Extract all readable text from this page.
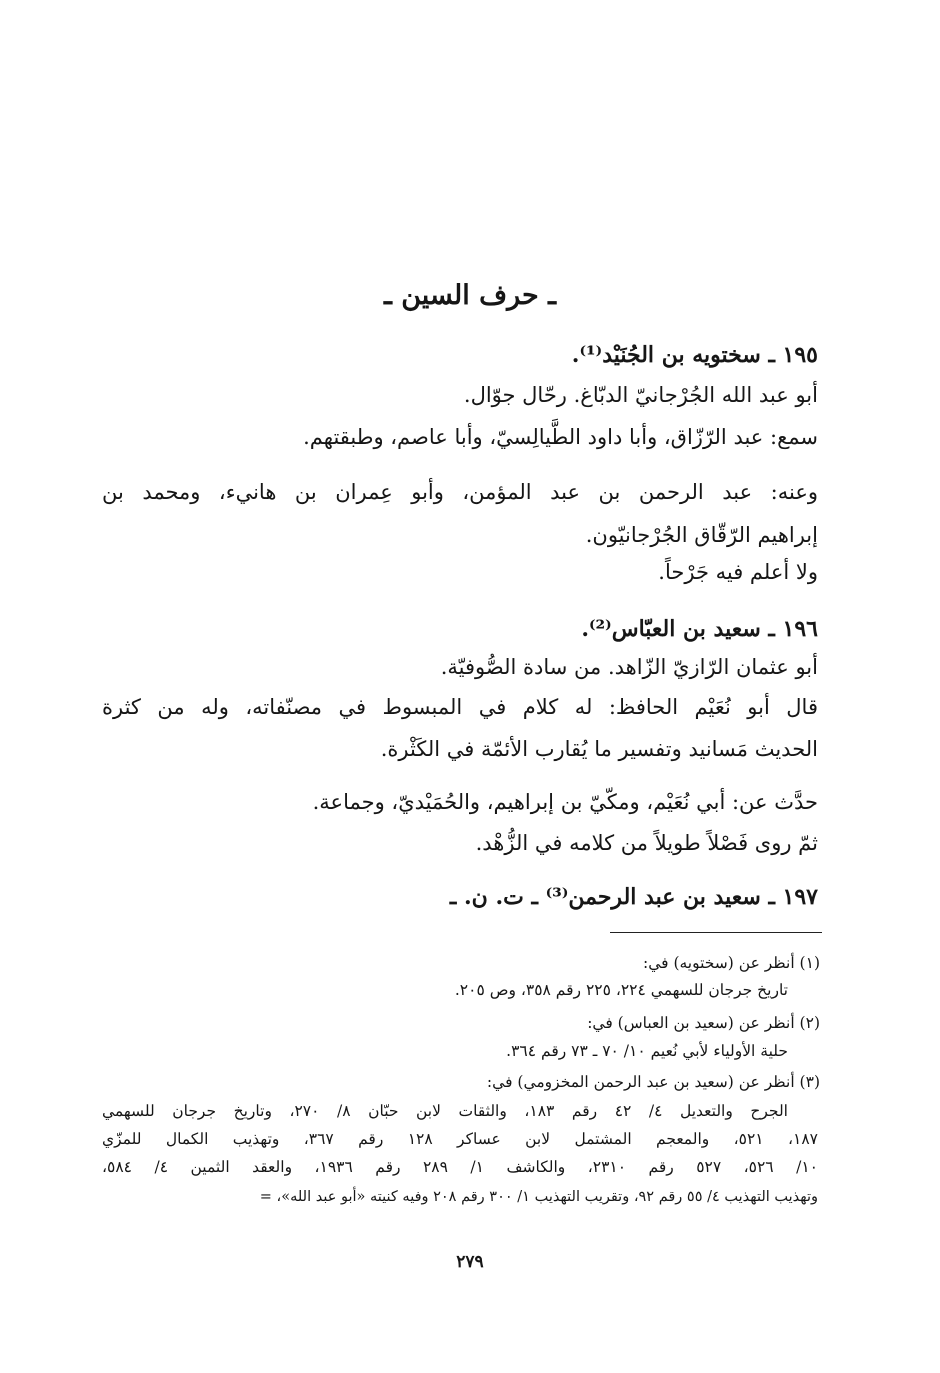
ـ حرف السين ـ

١٩٥ ـ سختويه بن الجُنَيْد⁽¹⁾.

أبو عبد الله الجُرْجانيّ الدبّاغ. رحّال جوّال.

سمع: عبد الرّزّاق، وأبا داود الطَّيالِسيّ، وأبا عاصم، وطبقتهم.

وعنه: عبد الرحمن بن عبد المؤمن، وأبو عِمران بن هانيء، ومحمد بن

إبراهيم الرّقّاق الجُرْجانيّون.

ولا أعلم فيه جَرْحاً.

١٩٦ ـ سعيد بن العبّاس⁽²⁾.

أبو عثمان الرّازيّ الزّاهد. من سادة الصُّوفيّة.

قال أبو نُعَيْم الحافظ: له كلام في المبسوط في مصنّفاته، وله من كثرة

الحديث مَسانيد وتفسير ما يُقارب الأئمّة في الكَثْرة.

حدَّث عن: أبي نُعَيْم، ومكّيّ بن إبراهيم، والحُمَيْديّ، وجماعة.

ثمّ روى فَصْلاً طويلاً من كلامه في الزُّهْد.

١٩٧ ـ سعيد بن عبد الرحمن⁽³⁾ ـ ت. ن. ـ

(١) أنظر عن (سختويه) في:

تاريخ جرجان للسهمي ٢٢٤، ٢٢٥ رقم ٣٥٨، وص ٢٠٥.

(٢) أنظر عن (سعيد بن العباس) في:

حلية الأولياء لأبي نُعيم ١٠/ ٧٠ ـ ٧٣ رقم ٣٦٤.

(٣) أنظر عن (سعيد بن عبد الرحمن المخزومي) في:

الجرح والتعديل ٤/ ٤٢ رقم ١٨٣، والثقات لابن حبّان ٨/ ٢٧٠، وتاريخ جرجان للسهمي

١٨٧، ٥٢١، والمعجم المشتمل لابن عساكر ١٢٨ رقم ٣٦٧، وتهذيب الكمال للمزّي

١٠/ ٥٢٦، ٥٢٧ رقم ٢٣١٠، والكاشف ١/ ٢٨٩ رقم ١٩٣٦، والعقد الثمين ٤/ ٥٨٤،

وتهذيب التهذيب ٤/ ٥٥ رقم ٩٢، وتقريب التهذيب ١/ ٣٠٠ رقم ٢٠٨ وفيه كنيته «أبو عبد الله»، =

٢٧٩
